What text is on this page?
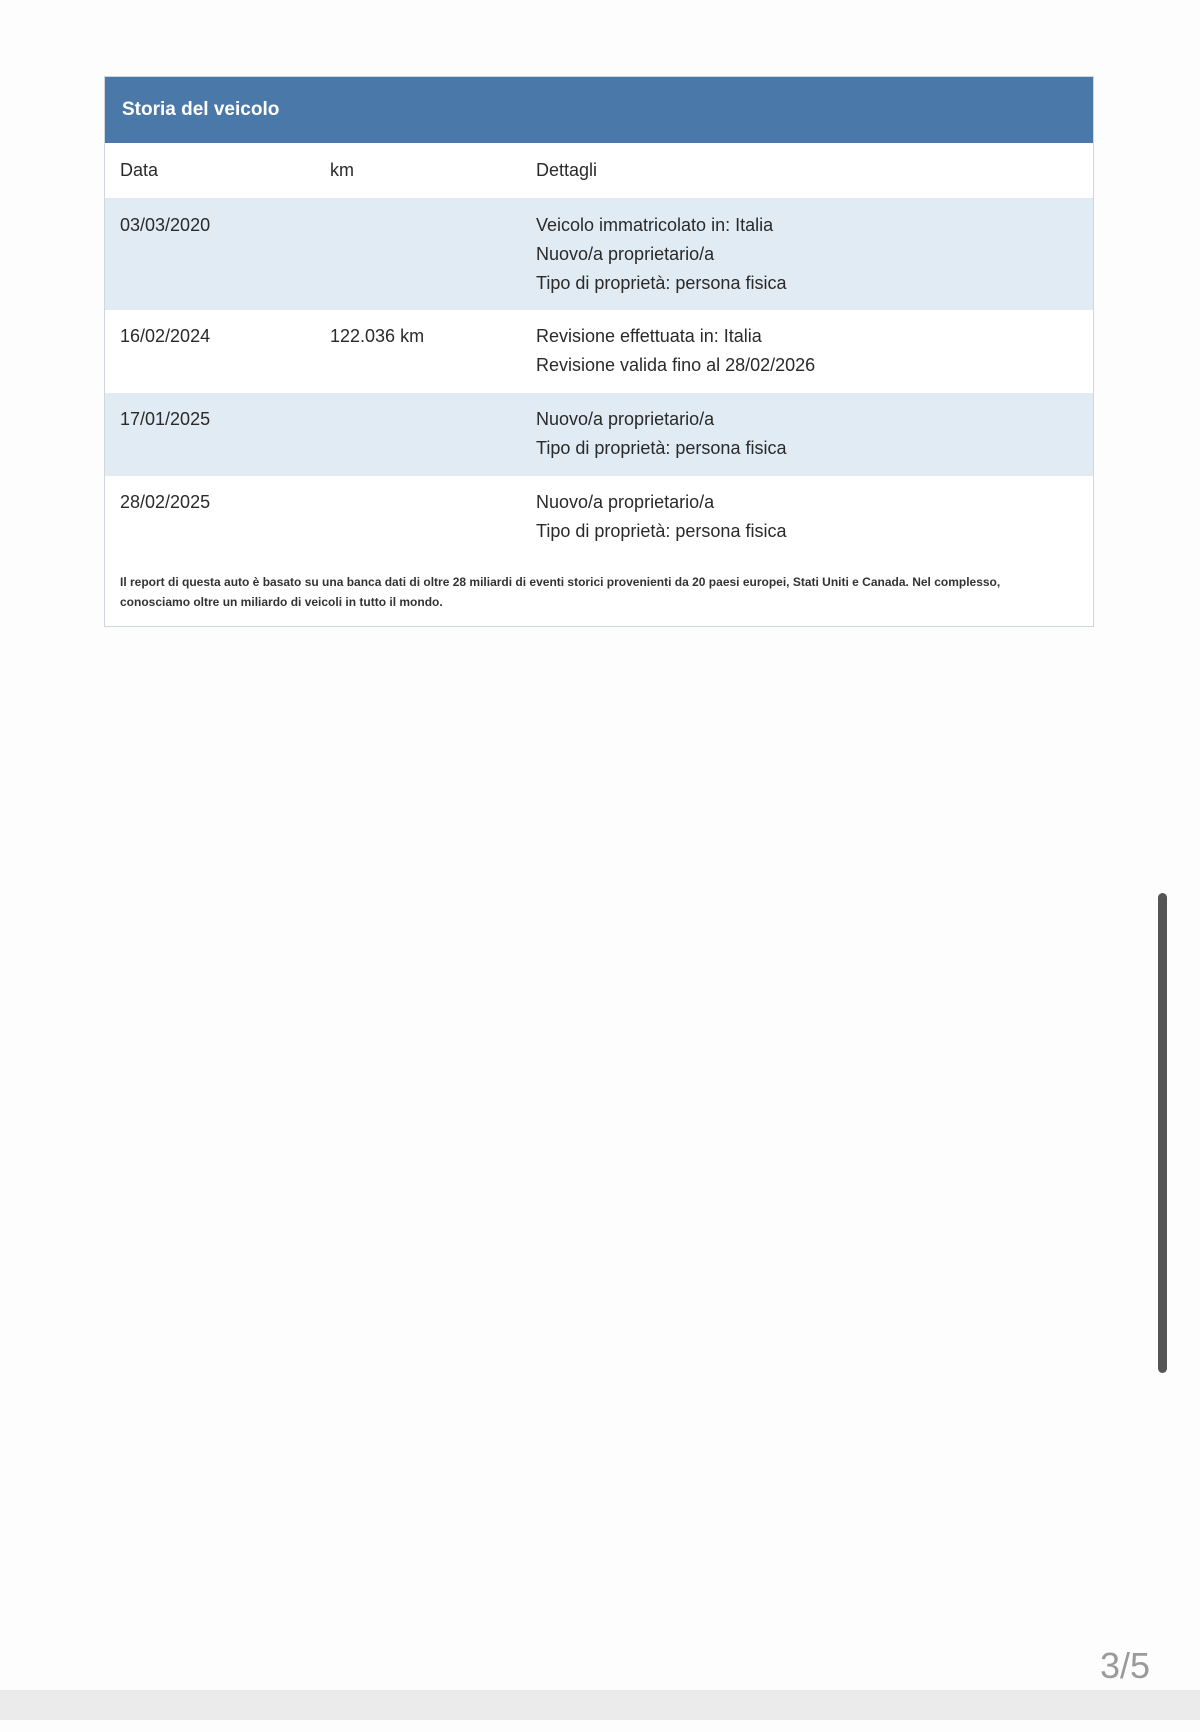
Storia del veicolo
Data	km	Dettagli
03/03/2020		Veicolo immatricolato in: Italia
Nuovo/a proprietario/a
Tipo di proprietà: persona fisica

16/02/2024	122.036 km	Revisione effettuata in: Italia
Revisione valida fino al 28/02/2026

17/01/2025		Nuovo/a proprietario/a
Tipo di proprietà: persona fisica

28/02/2025		Nuovo/a proprietario/a
Tipo di proprietà: persona fisica
Il report di questa auto è basato su una banca dati di oltre 28 miliardi di eventi storici provenienti da 20 paesi europei, Stati Uniti e Canada. Nel complesso, conosciamo oltre un miliardo di veicoli in tutto il mondo.
3/5
